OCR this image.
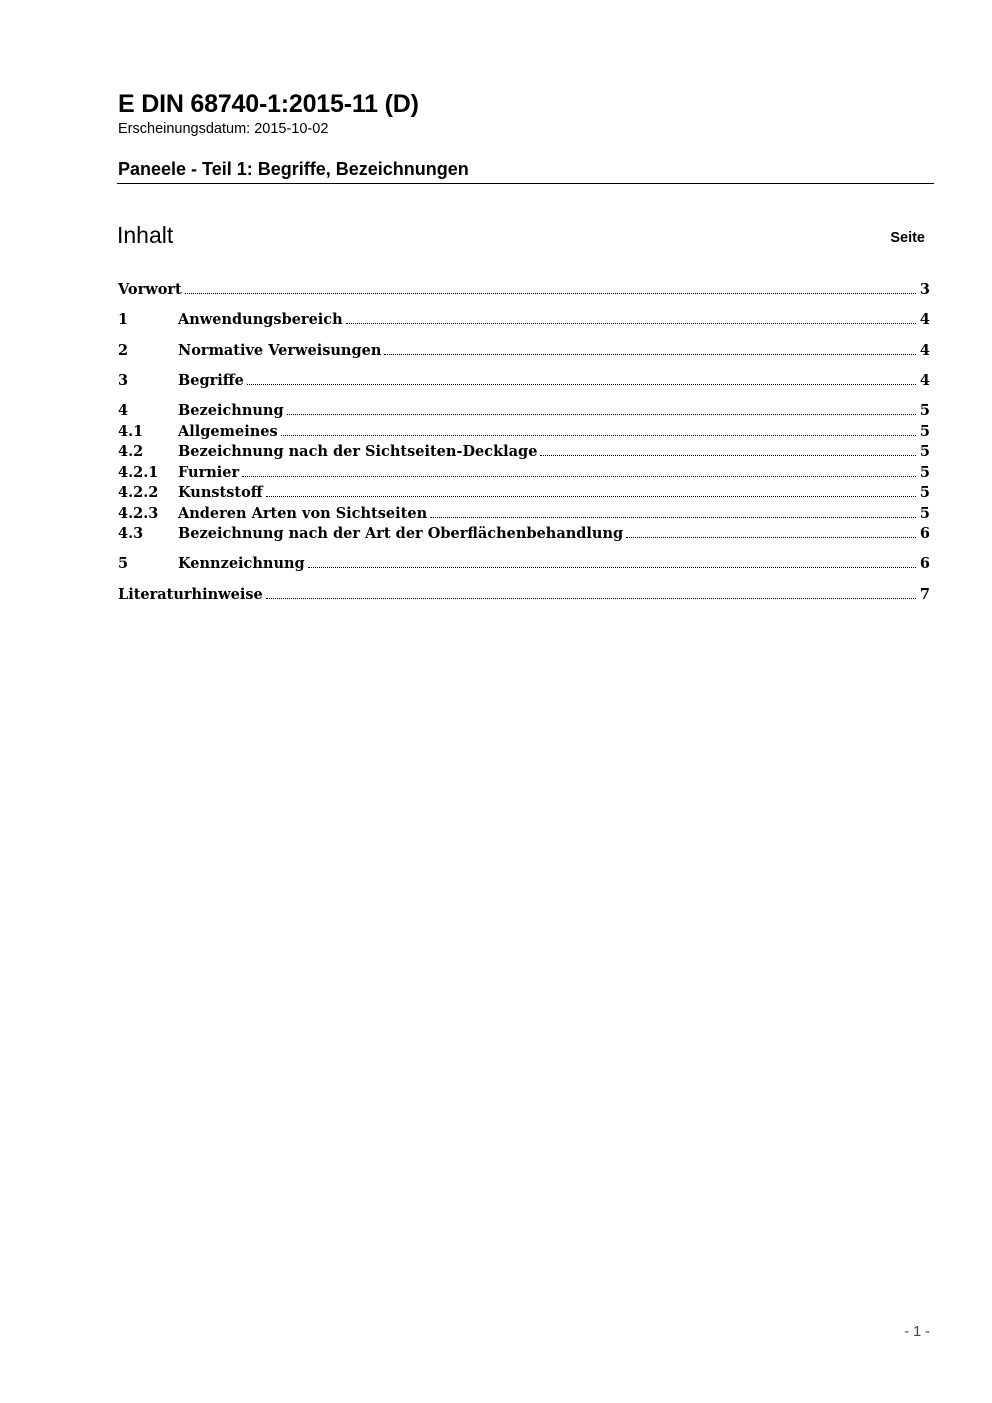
E DIN 68740-1:2015-11 (D)
Erscheinungsdatum: 2015-10-02
Paneele - Teil 1: Begriffe, Bezeichnungen
Inhalt	Seite
Vorwort	3
1	Anwendungsbereich	4
2	Normative Verweisungen	4
3	Begriffe	4
4	Bezeichnung	5
4.1	Allgemeines	5
4.2	Bezeichnung nach der Sichtseiten-Decklage	5
4.2.1	Furnier	5
4.2.2	Kunststoff	5
4.2.3	Anderen Arten von Sichtseiten	5
4.3	Bezeichnung nach der Art der Oberflächenbehandlung	6
5	Kennzeichnung	6
Literaturhinweise	7
- 1 -
